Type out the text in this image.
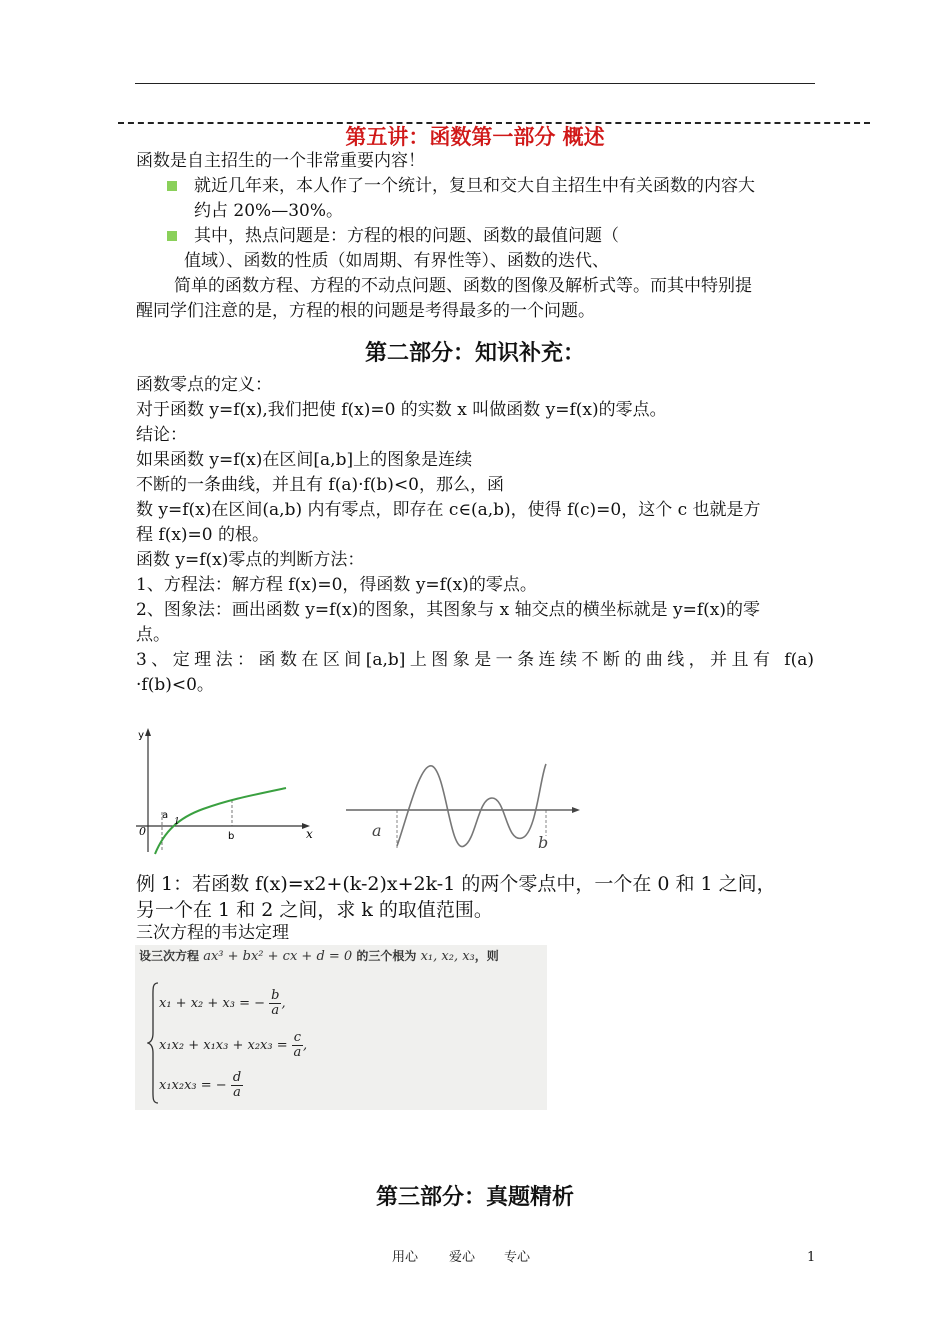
第五讲：函数第一部分 概述
函数是自主招生的一个非常重要内容！
就近几年来，本人作了一个统计，复旦和交大自主招生中有关函数的内容大
约占 20%—30%。
其中，热点问题是：方程的根的问题、函数的最值问题（
值域）、函数的性质（如周期、有界性等）、函数的迭代、
简单的函数方程、方程的不动点问题、函数的图像及解析式等。而其中特别提
醒同学们注意的是，方程的根的问题是考得最多的一个问题。
第二部分：知识补充：
函数零点的定义：
对于函数 y=f(x),我们把使 f(x)=0 的实数 x 叫做函数 y=f(x)的零点。
结论：
如果函数 y=f(x)在区间[a,b]上的图象是连续
不断的一条曲线，并且有 f(a)·f(b)<0，那么，函
数 y=f(x)在区间(a,b) 内有零点，即存在 c∈(a,b)，使得 f(c)=0，这个 c 也就是方
程 f(x)=0 的根。
函数 y=f(x)零点的判断方法：
1、方程法：解方程 f(x)=0，得函数 y=f(x)的零点。
2、图象法：画出函数 y=f(x)的图象，其图象与 x 轴交点的横坐标就是 y=f(x)的零
点。
3、定理法：函数在区间[a,b]上图象是一条连续不断的曲线，并且有 f(a)
·f(b)<0。
y
x
0
a
1
b	a
b
例 1：若函数 f(x)=x2+(k-2)x+2k-1 的两个零点中，一个在 0 和 1 之间，
另一个在 1 和 2 之间，求 k 的取值范围。
三次方程的韦达定理
设三次方程 ax³ + bx² + cx + d = 0 的三个根为 x₁, x₂, x₃，则
x₁ + x₂ + x₃ = − $\frac{b}{a}$ ,
$x_1x_2 + x_1x_3 + x_2x_3 = \frac{c}{a}$ ,
x₁x₂x₃ = − $\frac{d}{a}$
第三部分：真题精析
用心 爱心 专心	1
